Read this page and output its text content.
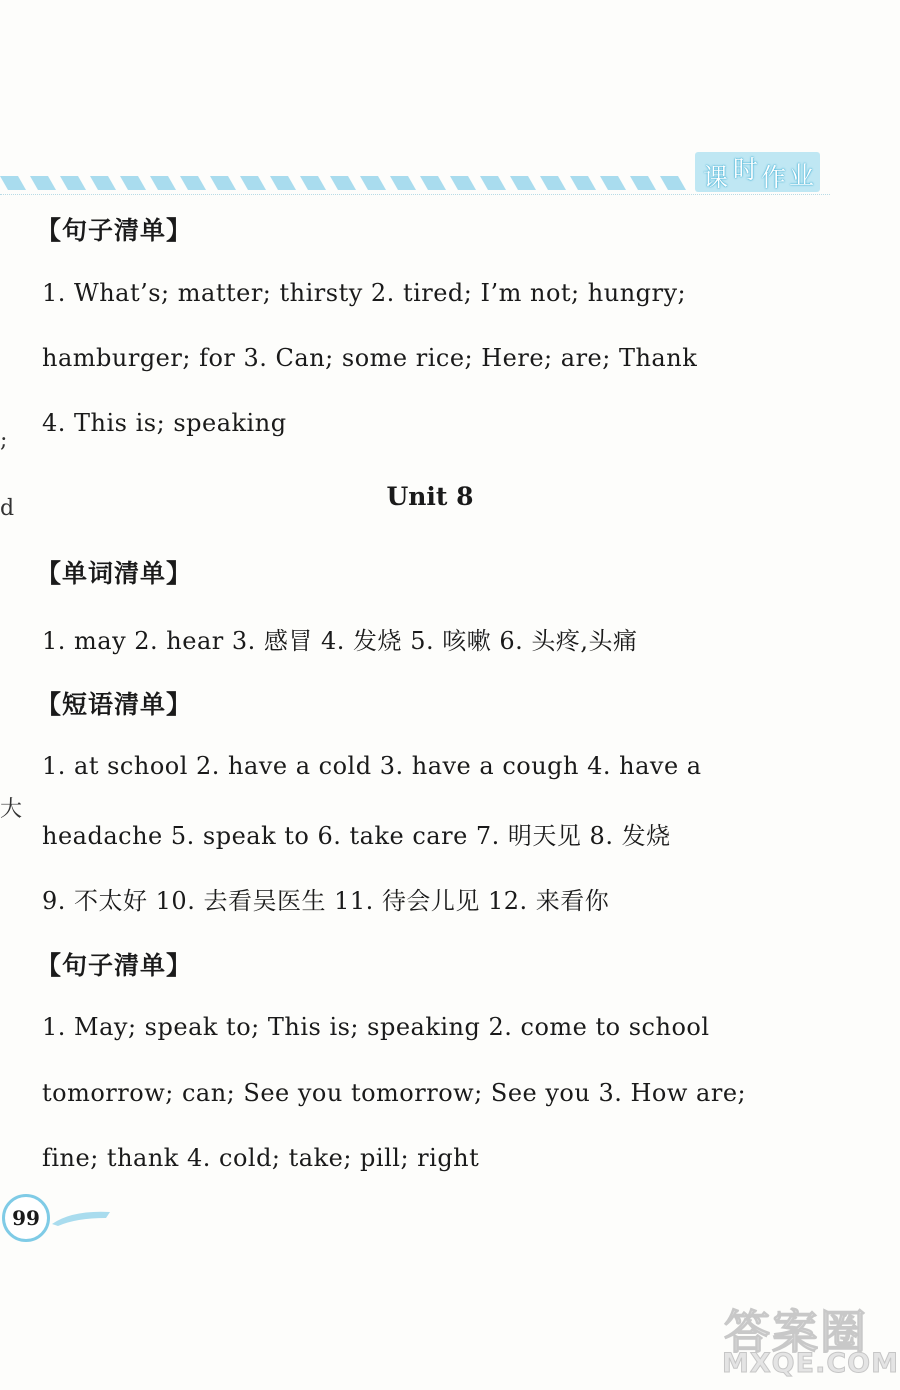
课 时 作 业
;
d
大
【句子清单】
1. What’s; matter; thirsty 2. tired; I’m not; hungry;
hamburger; for 3. Can; some rice; Here; are; Thank
4. This is; speaking
Unit 8
【单词清单】
1. may 2. hear 3. 感冒 4. 发烧 5. 咳嗽 6. 头疼,头痛
【短语清单】
1. at school 2. have a cold 3. have a cough 4. have a
headache 5. speak to 6. take care 7. 明天见 8. 发烧
9. 不太好 10. 去看吴医生 11. 待会儿见 12. 来看你
【句子清单】
1. May; speak to; This is; speaking 2. come to school
tomorrow; can; See you tomorrow; See you 3. How are;
fine; thank 4. cold; take; pill; right
99
答案圈
MXQE.COM
